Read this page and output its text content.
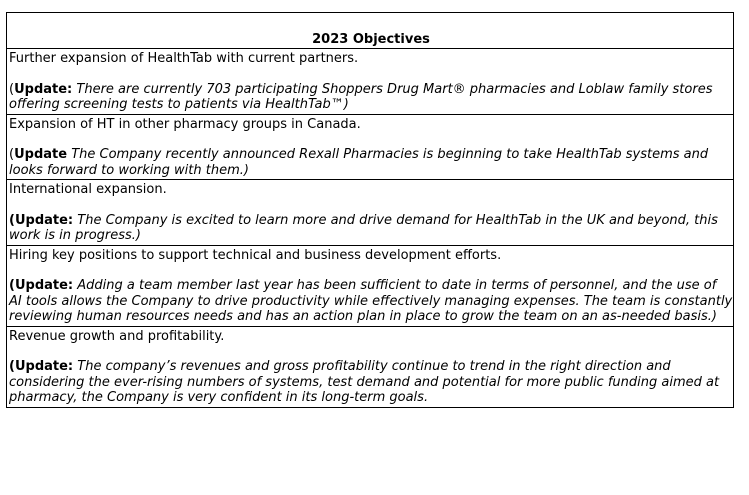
2023 Objectives

Further expansion of HealthTab with current partners.

(Update: There are currently 703 participating Shoppers Drug Mart® pharmacies and Loblaw family stores offering screening tests to patients via HealthTab™)

Expansion of HT in other pharmacy groups in Canada.

(Update The Company recently announced Rexall Pharmacies is beginning to take HealthTab systems and looks forward to working with them.)

International expansion.

(Update: The Company is excited to learn more and drive demand for HealthTab in the UK and beyond, this work is in progress.)

Hiring key positions to support technical and business development efforts.

(Update: Adding a team member last year has been sufficient to date in terms of personnel, and the use of AI tools allows the Company to drive productivity while effectively managing expenses. The team is constantly reviewing human resources needs and has an action plan in place to grow the team on an as-needed basis.)

Revenue growth and profitability.

(Update: The company’s revenues and gross profitability continue to trend in the right direction and considering the ever-rising numbers of systems, test demand and potential for more public funding aimed at pharmacy, the Company is very confident in its long-term goals.
